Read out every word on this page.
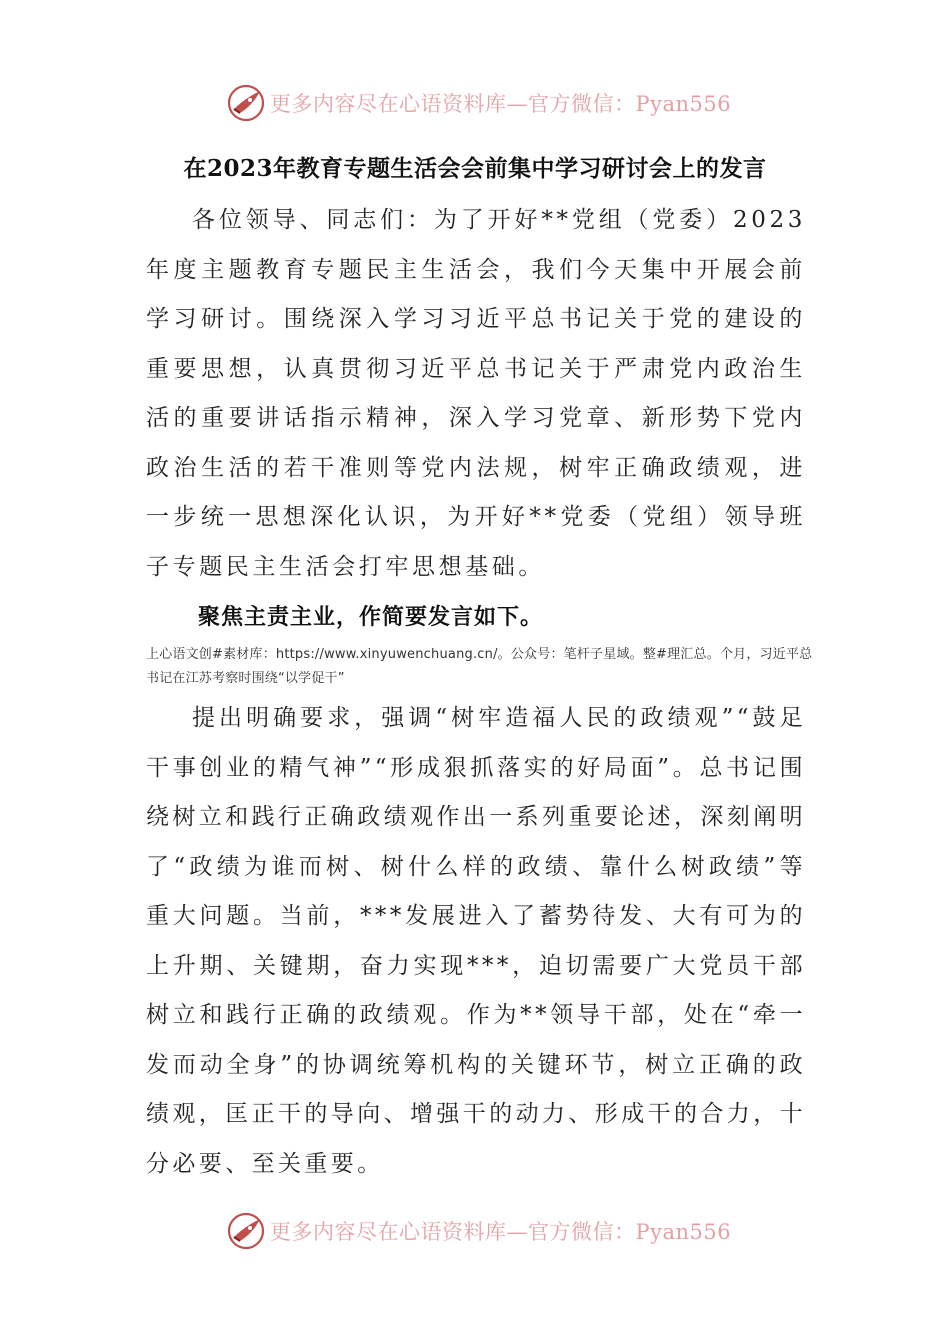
更多内容尽在心语资料库—官方微信：Pyan556
在2023年教育专题生活会会前集中学习研讨会上的发言
各位领导、同志们：为了开好**党组（党委）2023年度主题教育专题民主生活会，我们今天集中开展会前学习研讨。围绕深入学习习近平总书记关于党的建设的重要思想，认真贯彻习近平总书记关于严肃党内政治生活的重要讲话指示精神，深入学习党章、新形势下党内政治生活的若干准则等党内法规，树牢正确政绩观，进一步统一思想深化认识，为开好**党委（党组）领导班子专题民主生活会打牢思想基础。
聚焦主责主业，作简要发言如下。
上心语文创#素材库：https://www.xinyuwenchuang.cn/。公众号：笔杆子星域。整#理汇总。个月，习近平总书记在江苏考察时围绕“以学促干”
提出明确要求，强调“树牢造福人民的政绩观”“鼓足干事创业的精气神”“形成狠抓落实的好局面”。总书记围绕树立和践行正确政绩观作出一系列重要论述，深刻阐明了“政绩为谁而树、树什么样的政绩、靠什么树政绩”等重大问题。当前，***发展进入了蓄势待发、大有可为的上升期、关键期，奋力实现***，迫切需要广大党员干部树立和践行正确的政绩观。作为**领导干部，处在“牵一发而动全身”的协调统筹机构的关键环节，树立正确的政绩观，匡正干的导向、增强干的动力、形成干的合力，十分必要、至关重要。
更多内容尽在心语资料库—官方微信：Pyan556
